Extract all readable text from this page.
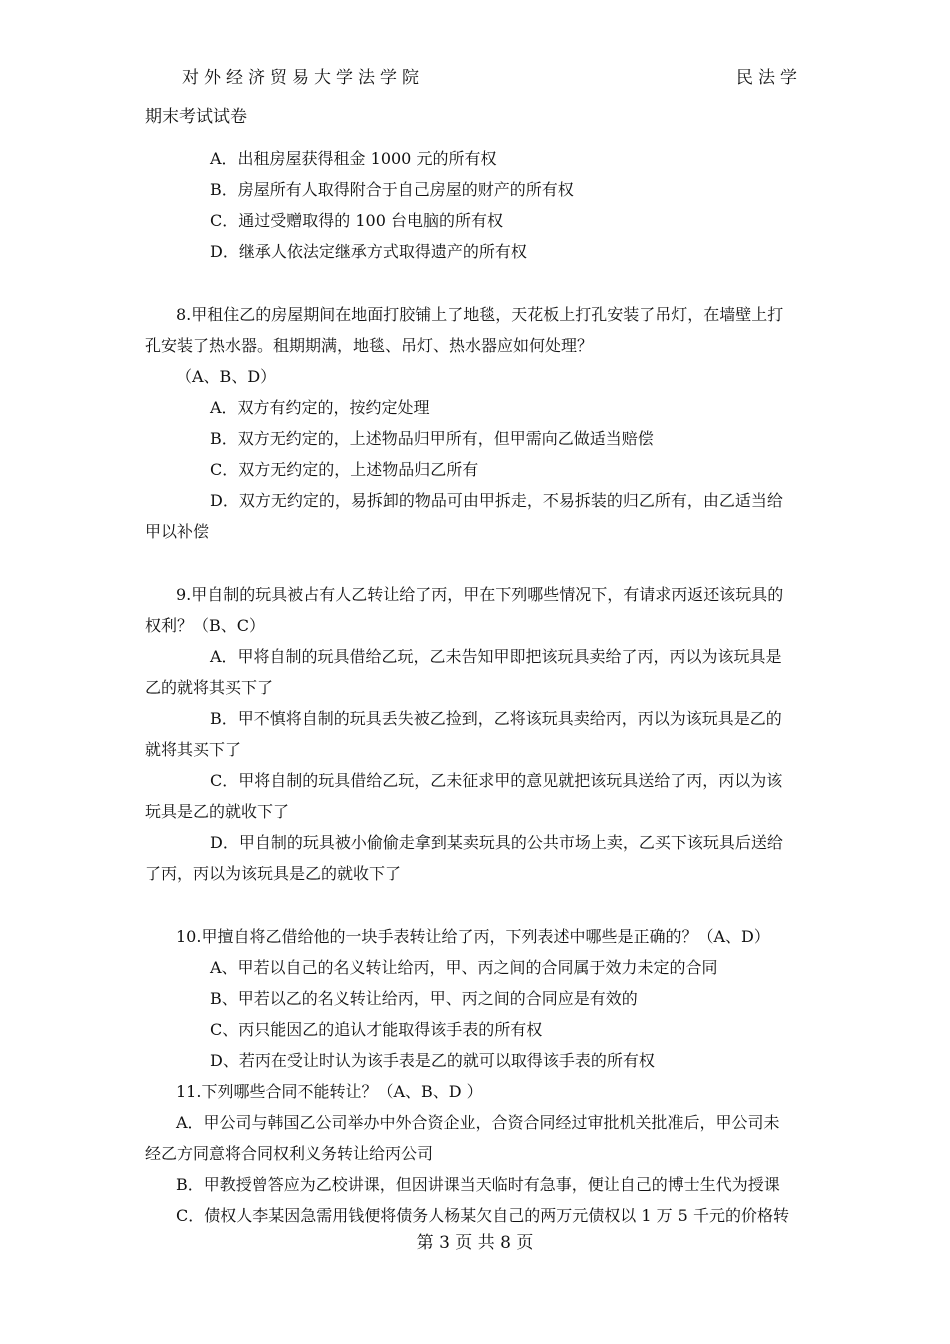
对外经济贸易大学法学院	民法学
期末考试试卷
A．出租房屋获得租金 1000 元的所有权
B．房屋所有人取得附合于自己房屋的财产的所有权
C．通过受赠取得的 100 台电脑的所有权
D．继承人依法定继承方式取得遗产的所有权
8.甲租住乙的房屋期间在地面打胶铺上了地毯，天花板上打孔安装了吊灯，在墙壁上打
孔安装了热水器。租期期满，地毯、吊灯、热水器应如何处理？
（A、B、D）
A．双方有约定的，按约定处理
B．双方无约定的，上述物品归甲所有，但甲需向乙做适当赔偿
C．双方无约定的，上述物品归乙所有
D．双方无约定的，易拆卸的物品可由甲拆走，不易拆装的归乙所有，由乙适当给
甲以补偿
9.甲自制的玩具被占有人乙转让给了丙，甲在下列哪些情况下，有请求丙返还该玩具的
权利？（B、C）
A．甲将自制的玩具借给乙玩，乙未告知甲即把该玩具卖给了丙，丙以为该玩具是
乙的就将其买下了
B．甲不慎将自制的玩具丢失被乙捡到，乙将该玩具卖给丙，丙以为该玩具是乙的
就将其买下了
C．甲将自制的玩具借给乙玩，乙未征求甲的意见就把该玩具送给了丙，丙以为该
玩具是乙的就收下了
D．甲自制的玩具被小偷偷走拿到某卖玩具的公共市场上卖，乙买下该玩具后送给
了丙，丙以为该玩具是乙的就收下了
10.甲擅自将乙借给他的一块手表转让给了丙，下列表述中哪些是正确的？（A、D）
A、甲若以自己的名义转让给丙，甲、丙之间的合同属于效力未定的合同
B、甲若以乙的名义转让给丙，甲、丙之间的合同应是有效的
C、丙只能因乙的追认才能取得该手表的所有权
D、若丙在受让时认为该手表是乙的就可以取得该手表的所有权
11.下列哪些合同不能转让？（A、B、D ）
A．甲公司与韩国乙公司举办中外合资企业，合资合同经过审批机关批准后，甲公司未
经乙方同意将合同权利义务转让给丙公司
B．甲教授曾答应为乙校讲课，但因讲课当天临时有急事，便让自己的博士生代为授课
C．债权人李某因急需用钱便将债务人杨某欠自己的两万元债权以 1 万 5 千元的价格转
第 3 页 共 8 页
